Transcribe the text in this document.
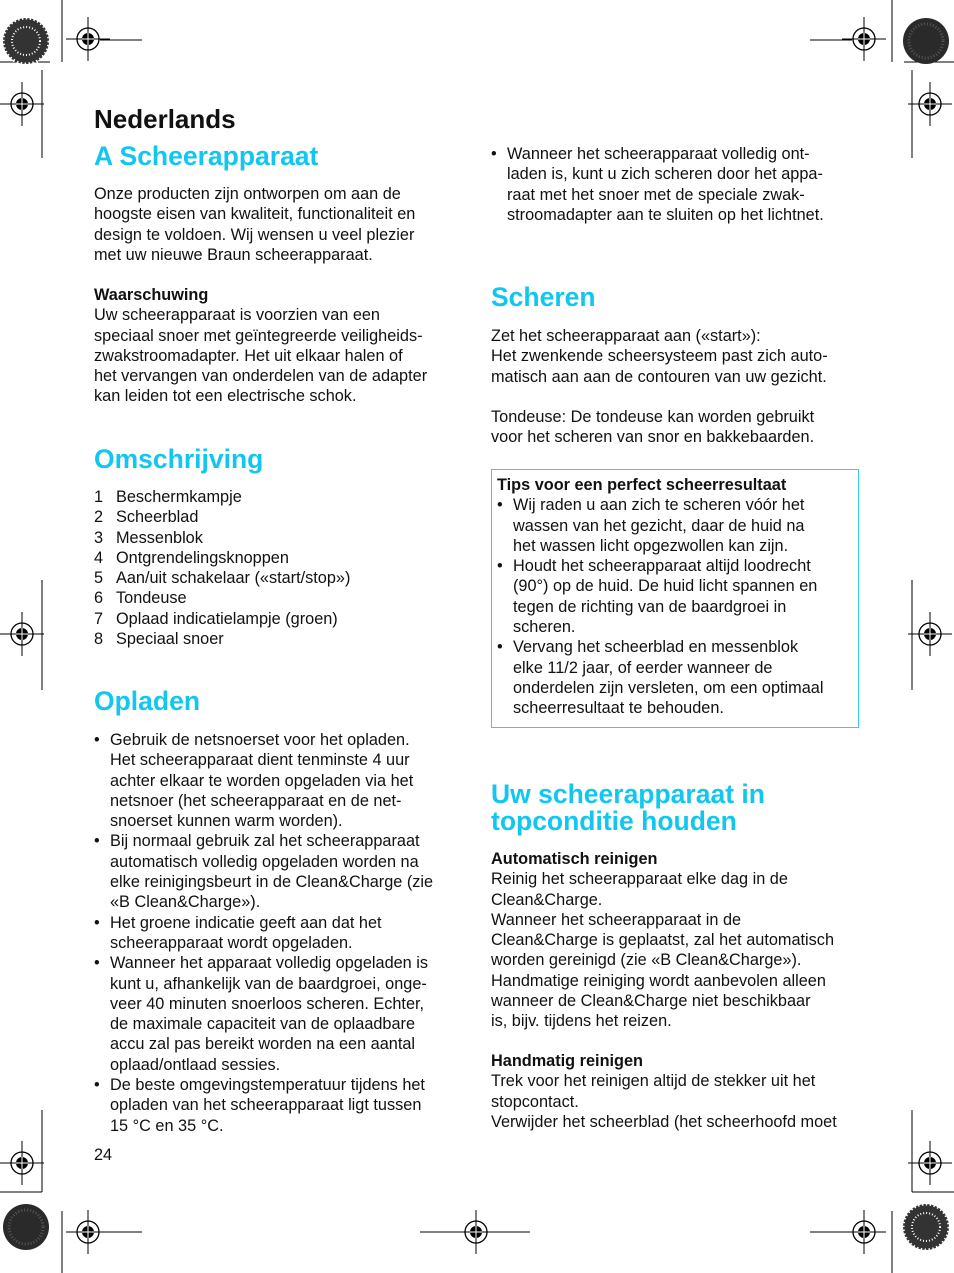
Nederlands
A Scheerapparaat
Onze producten zijn ontworpen om aan de
hoogste eisen van kwaliteit, functionaliteit en
design te voldoen. Wij wensen u veel plezier
met uw nieuwe Braun scheerapparaat.
Waarschuwing
Uw scheerapparaat is voorzien van een
speciaal snoer met geïntegreerde veiligheids-
zwakstroomadapter. Het uit elkaar halen of
het vervangen van onderdelen van de adapter
kan leiden tot een electrische schok.
Omschrijving
1 Beschermkampje
2 Scheerblad
3 Messenblok
4 Ontgrendelingsknoppen
5 Aan/uit schakelaar («start/stop»)
6 Tondeuse
7 Oplaad indicatielampje (groen)
8 Speciaal snoer
Opladen
• Gebruik de netsnoerset voor het opladen.
Het scheerapparaat dient tenminste 4 uur
achter elkaar te worden opgeladen via het
netsnoer (het scheerapparaat en de net-
snoerset kunnen warm worden).
• Bij normaal gebruik zal het scheerapparaat
automatisch volledig opgeladen worden na
elke reinigingsbeurt in de Clean&Charge (zie
«B Clean&Charge»).
• Het groene indicatie geeft aan dat het
scheerapparaat wordt opgeladen.
• Wanneer het apparaat volledig opgeladen is
kunt u, afhankelijk van de baardgroei, onge-
veer 40 minuten snoerloos scheren. Echter,
de maximale capaciteit van de oplaadbare
accu zal pas bereikt worden na een aantal
oplaad/ontlaad sessies.
• De beste omgevingstemperatuur tijdens het
opladen van het scheerapparaat ligt tussen
15 °C en 35 °C.
24
• Wanneer het scheerapparaat volledig ont-
laden is, kunt u zich scheren door het appa-
raat met het snoer met de speciale zwak-
stroomadapter aan te sluiten op het lichtnet.
Scheren
Zet het scheerapparaat aan («start»):
Het zwenkende scheersysteem past zich auto-
matisch aan aan de contouren van uw gezicht.
Tondeuse: De tondeuse kan worden gebruikt
voor het scheren van snor en bakkebaarden.
Tips voor een perfect scheerresultaat
• Wij raden u aan zich te scheren vóór het
wassen van het gezicht, daar de huid na
het wassen licht opgezwollen kan zijn.
• Houdt het scheerapparaat altijd loodrecht
(90°) op de huid. De huid licht spannen en
tegen de richting van de baardgroei in
scheren.
• Vervang het scheerblad en messenblok
elke 11/2 jaar, of eerder wanneer de
onderdelen zijn versleten, om een optimaal
scheerresultaat te behouden.
Uw scheerapparaat in
topconditie houden
Automatisch reinigen
Reinig het scheerapparaat elke dag in de
Clean&Charge.
Wanneer het scheerapparaat in de
Clean&Charge is geplaatst, zal het automatisch
worden gereinigd (zie «B Clean&Charge»).
Handmatige reiniging wordt aanbevolen alleen
wanneer de Clean&Charge niet beschikbaar
is, bijv. tijdens het reizen.
Handmatig reinigen
Trek voor het reinigen altijd de stekker uit het
stopcontact.
Verwijder het scheerblad (het scheerhoofd moet
